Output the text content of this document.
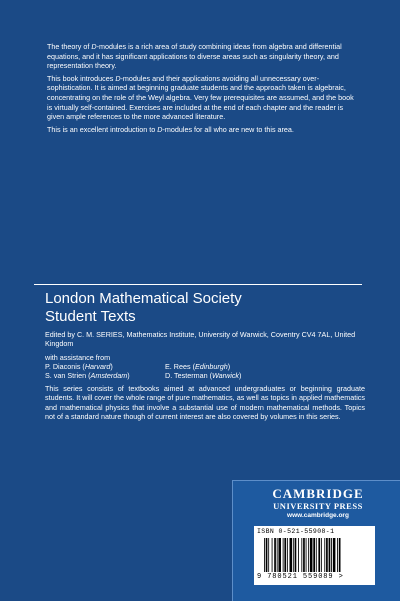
The theory of D-modules is a rich area of study combining ideas from algebra and differential equations, and it has significant applications to diverse areas such as singularity theory, and representation theory.

This book introduces D-modules and their applications avoiding all unnecessary over-sophistication. It is aimed at beginning graduate students and the approach taken is algebraic, concentrating on the role of the Weyl algebra. Very few prerequisites are assumed, and the book is virtually self-contained. Exercises are included at the end of each chapter and the reader is given ample references to the more advanced literature.

This is an excellent introduction to D-modules for all who are new to this area.

London Mathematical Society
Student Texts
Edited by C. M. SERIES, Mathematics Institute, University of Warwick, Coventry CV4 7AL, United Kingdom
with assistance from
P. Diaconis (Harvard)	E. Rees (Edinburgh)
S. van Strien (Amsterdam)	D. Testerman (Warwick)
This series consists of textbooks aimed at advanced undergraduates or beginning graduate students. It will cover the whole range of pure mathematics, as well as topics in applied mathematics and mathematical physics that involve a substantial use of modern mathematical methods. Topics not of a standard nature though of current interest are also covered by volumes in this series.
CAMBRIDGE
UNIVERSITY PRESS
www.cambridge.org
ISBN 0-521-55908-1
9 780521 559089 >
